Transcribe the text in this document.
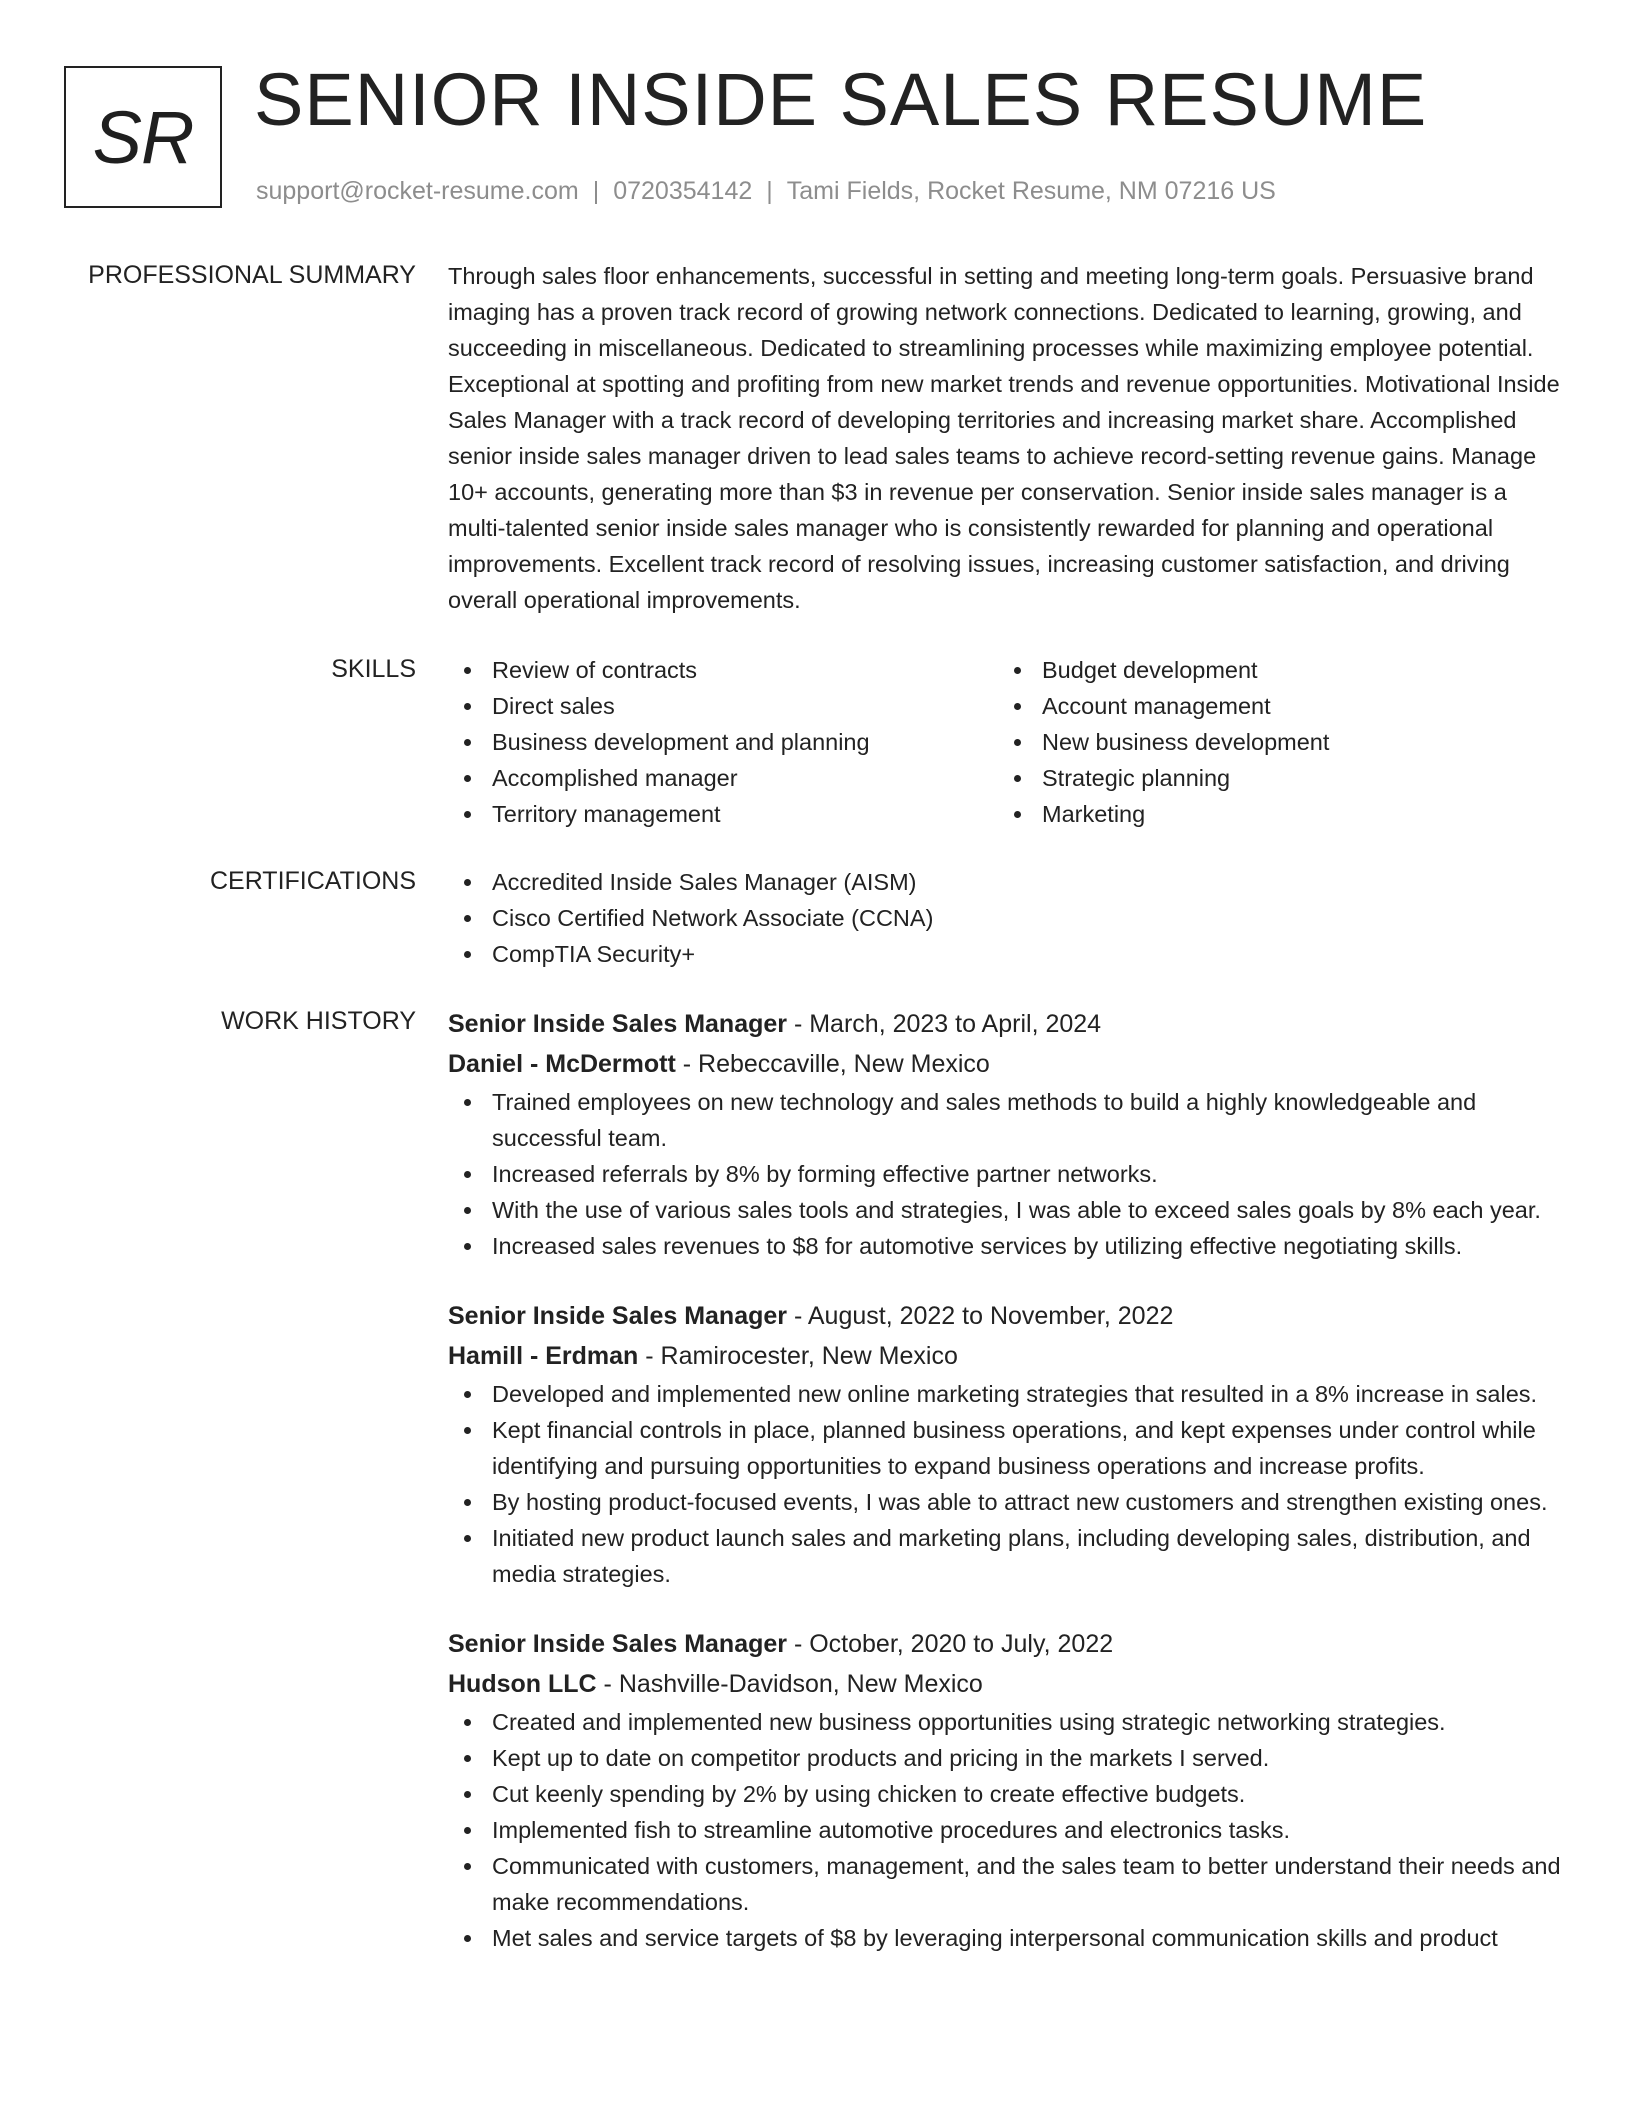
SR SENIOR INSIDE SALES RESUME
support@rocket-resume.com | 0720354142 | Tami Fields, Rocket Resume, NM 07216 US
PROFESSIONAL SUMMARY Through sales floor enhancements, successful in setting and meeting long-term goals. Persuasive brand imaging has a proven track record of growing network connections. Dedicated to learning, growing, and succeeding in miscellaneous. Dedicated to streamlining processes while maximizing employee potential. Exceptional at spotting and profiting from new market trends and revenue opportunities. Motivational Inside Sales Manager with a track record of developing territories and increasing market share. Accomplished senior inside sales manager driven to lead sales teams to achieve record-setting revenue gains. Manage 10+ accounts, generating more than $3 in revenue per conservation. Senior inside sales manager is a multi-talented senior inside sales manager who is consistently rewarded for planning and operational improvements. Excellent track record of resolving issues, increasing customer satisfaction, and driving overall operational improvements.

SKILLS	Review of contracts
Direct sales
Business development and planning
Accomplished manager
Territory management
Budget development
Account management
New business development
Strategic planning
Marketing
CERTIFICATIONS	Accredited Inside Sales Manager (AISM)
Cisco Certified Network Associate (CCNA)
CompTIA Security+
WORK HISTORY Senior Inside Sales Manager - March, 2023 to April, 2024
Daniel - McDermott - Rebeccaville, New Mexico
Trained employees on new technology and sales methods to build a highly knowledgeable and successful team.
Increased referrals by 8% by forming effective partner networks.
With the use of various sales tools and strategies, I was able to exceed sales goals by 8% each year.
Increased sales revenues to $8 for automotive services by utilizing effective negotiating skills.
Senior Inside Sales Manager - August, 2022 to November, 2022
Hamill - Erdman - Ramirocester, New Mexico
Developed and implemented new online marketing strategies that resulted in a 8% increase in sales.
Kept financial controls in place, planned business operations, and kept expenses under control while identifying and pursuing opportunities to expand business operations and increase profits.
By hosting product-focused events, I was able to attract new customers and strengthen existing ones.
Initiated new product launch sales and marketing plans, including developing sales, distribution, and media strategies.
Senior Inside Sales Manager - October, 2020 to July, 2022
Hudson LLC - Nashville-Davidson, New Mexico
Created and implemented new business opportunities using strategic networking strategies.
Kept up to date on competitor products and pricing in the markets I served.
Cut keenly spending by 2% by using chicken to create effective budgets.
Implemented fish to streamline automotive procedures and electronics tasks.
Communicated with customers, management, and the sales team to better understand their needs and make recommendations.
Met sales and service targets of $8 by leveraging interpersonal communication skills and product
